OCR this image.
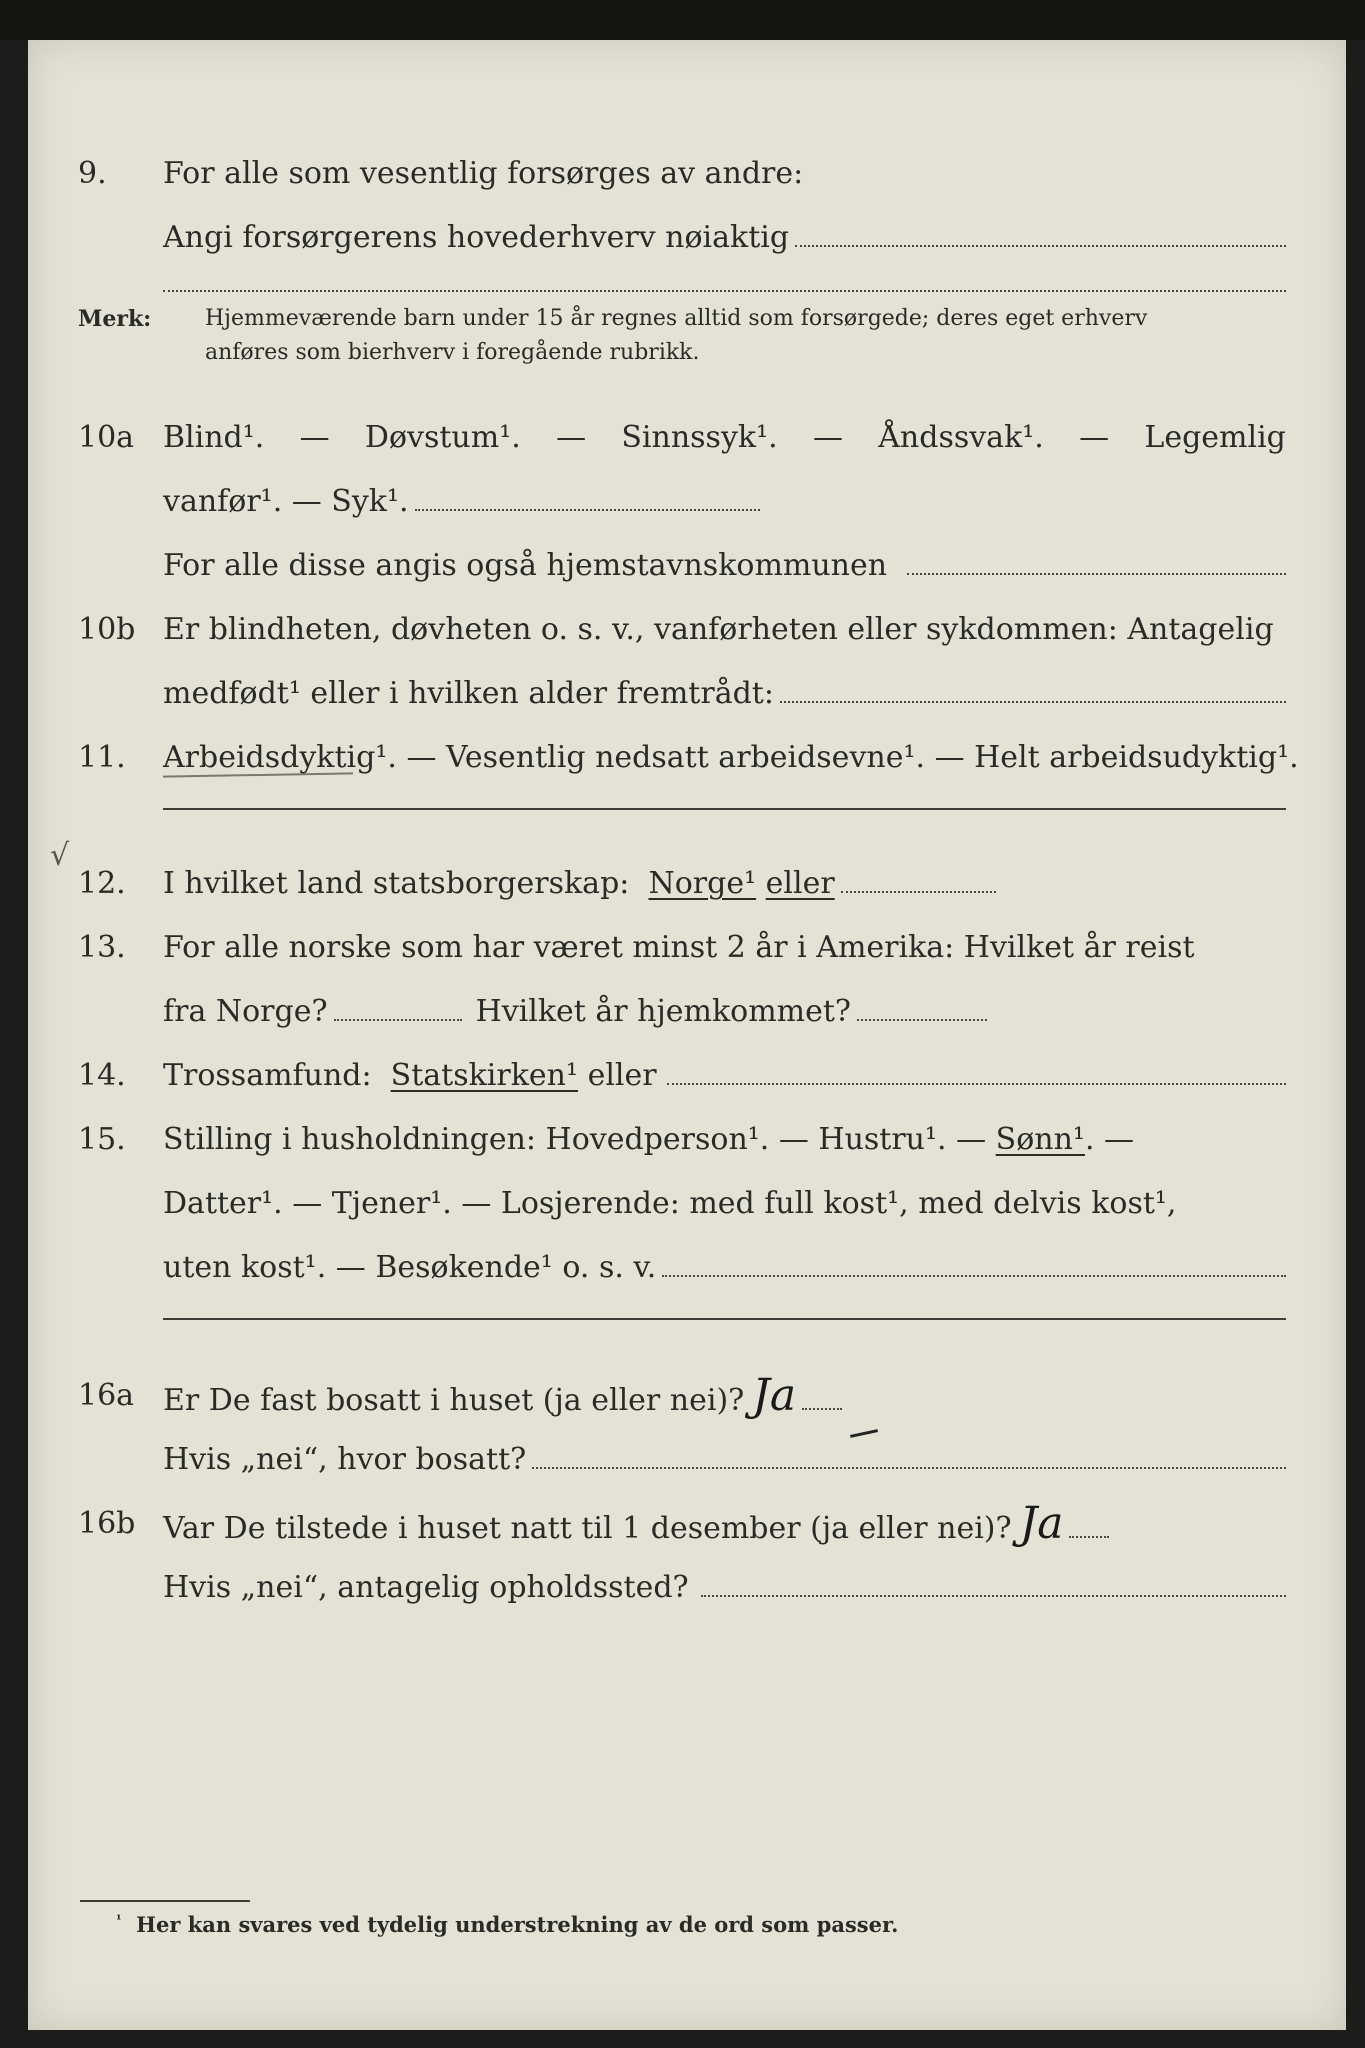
9. For alle som vesentlig forsørges av andre:
Angi forsørgerens hovederhverv nøiaktig
Merk: Hjemmeværende barn under 15 år regnes alltid som forsørgede; deres eget erhverv
anføres som bierhverv i foregående rubrikk.
10a Blind¹. — Døvstum¹. — Sinnssyk¹. — Åndssvak¹. — Legemlig
vanfør¹. — Syk¹.
For alle disse angis også hjemstavnskommunen
10b Er blindheten, døvheten o. s. v., vanførheten eller sykdommen: Antagelig
medfødt¹ eller i hvilken alder fremtrådt:
11. Arbeidsdyktig¹. — Vesentlig nedsatt arbeidsevne¹. — Helt arbeidsudyktig¹.
√
12. I hvilket land statsborgerskap:
Norge¹
eller
13. For alle norske som har været minst 2 år i Amerika: Hvilket år reist
fra Norge?	Hvilket år hjemkommet?
14. Trossamfund:
Statskirken¹
eller
15. Stilling i husholdningen: Hovedperson¹. — Hustru¹. —
Sønn¹ . —
Datter¹. — Tjener¹. — Losjerende: med full kost¹, med delvis kost¹,
uten kost¹. — Besøkende¹ o. s. v.
16a Er De fast bosatt i huset (ja eller nei)? Ja
Hvis „nei“, hvor bosatt?
16b Var De tilstede i huset natt til 1 desember (ja eller nei)? Ja
Hvis „nei“, antagelig opholdssted?
$^{^1}$ Her kan svares ved tydelig understrekning av de ord som passer.
